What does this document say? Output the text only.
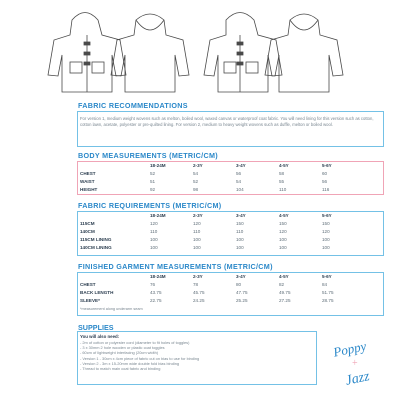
FABRIC RECOMMENDATIONS
For version 1, medium weight wovens such as melton, boiled wool, waxed canvas or waterproof coat fabric. You will need lining for this version such as cotton, cotton lawn, acetate, polyester or pre-quilted lining. For version 2, medium to heavy weight wovens such as duffle, melton or boiled wool.
BODY MEASUREMENTS (METRIC/CM)
	18-24M	2-3Y	3-4Y	4-5Y	5-6Y
CHEST	52	54	56	58	60
WAIST	51	52	54	55	56
HEIGHT	92	98	104	110	116
FABRIC REQUIREMENTS (METRIC/CM)
	18-24M	2-3Y	3-4Y	4-5Y	5-6Y
115CM	120	120	150	150	150
140CM	110	110	110	120	120
115CM LINING	100	100	100	100	100
140CM LINING	100	100	100	100	100
FINISHED GARMENT MEASUREMENTS (METRIC/CM)
	18-24M	2-3Y	3-4Y	4-5Y	5-6Y
CHEST	76	78	80	82	84
BACK LENGTH	43.75	45.75	47.75	49.75	51.75
SLEEVE*	22.75	24.25	25.25	27.25	28.75
*measurement along underarm seam
SUPPLIES
You will also need:
- 2m of cotton or polyester cord (diameter to fit holes of toggles)
- 3 x 30mm 2 hole wooden or plastic coat toggles
- 60cm of lightweight interfacing (20cm width)
- Version 1 - 30cm x 4cm piece of fabric cut on bias to use for binding
- Version 2 - 3m x 15-20mm wide double fold bias binding
- Thread to match main coat fabric and binding
Poppy
+
Jazz
